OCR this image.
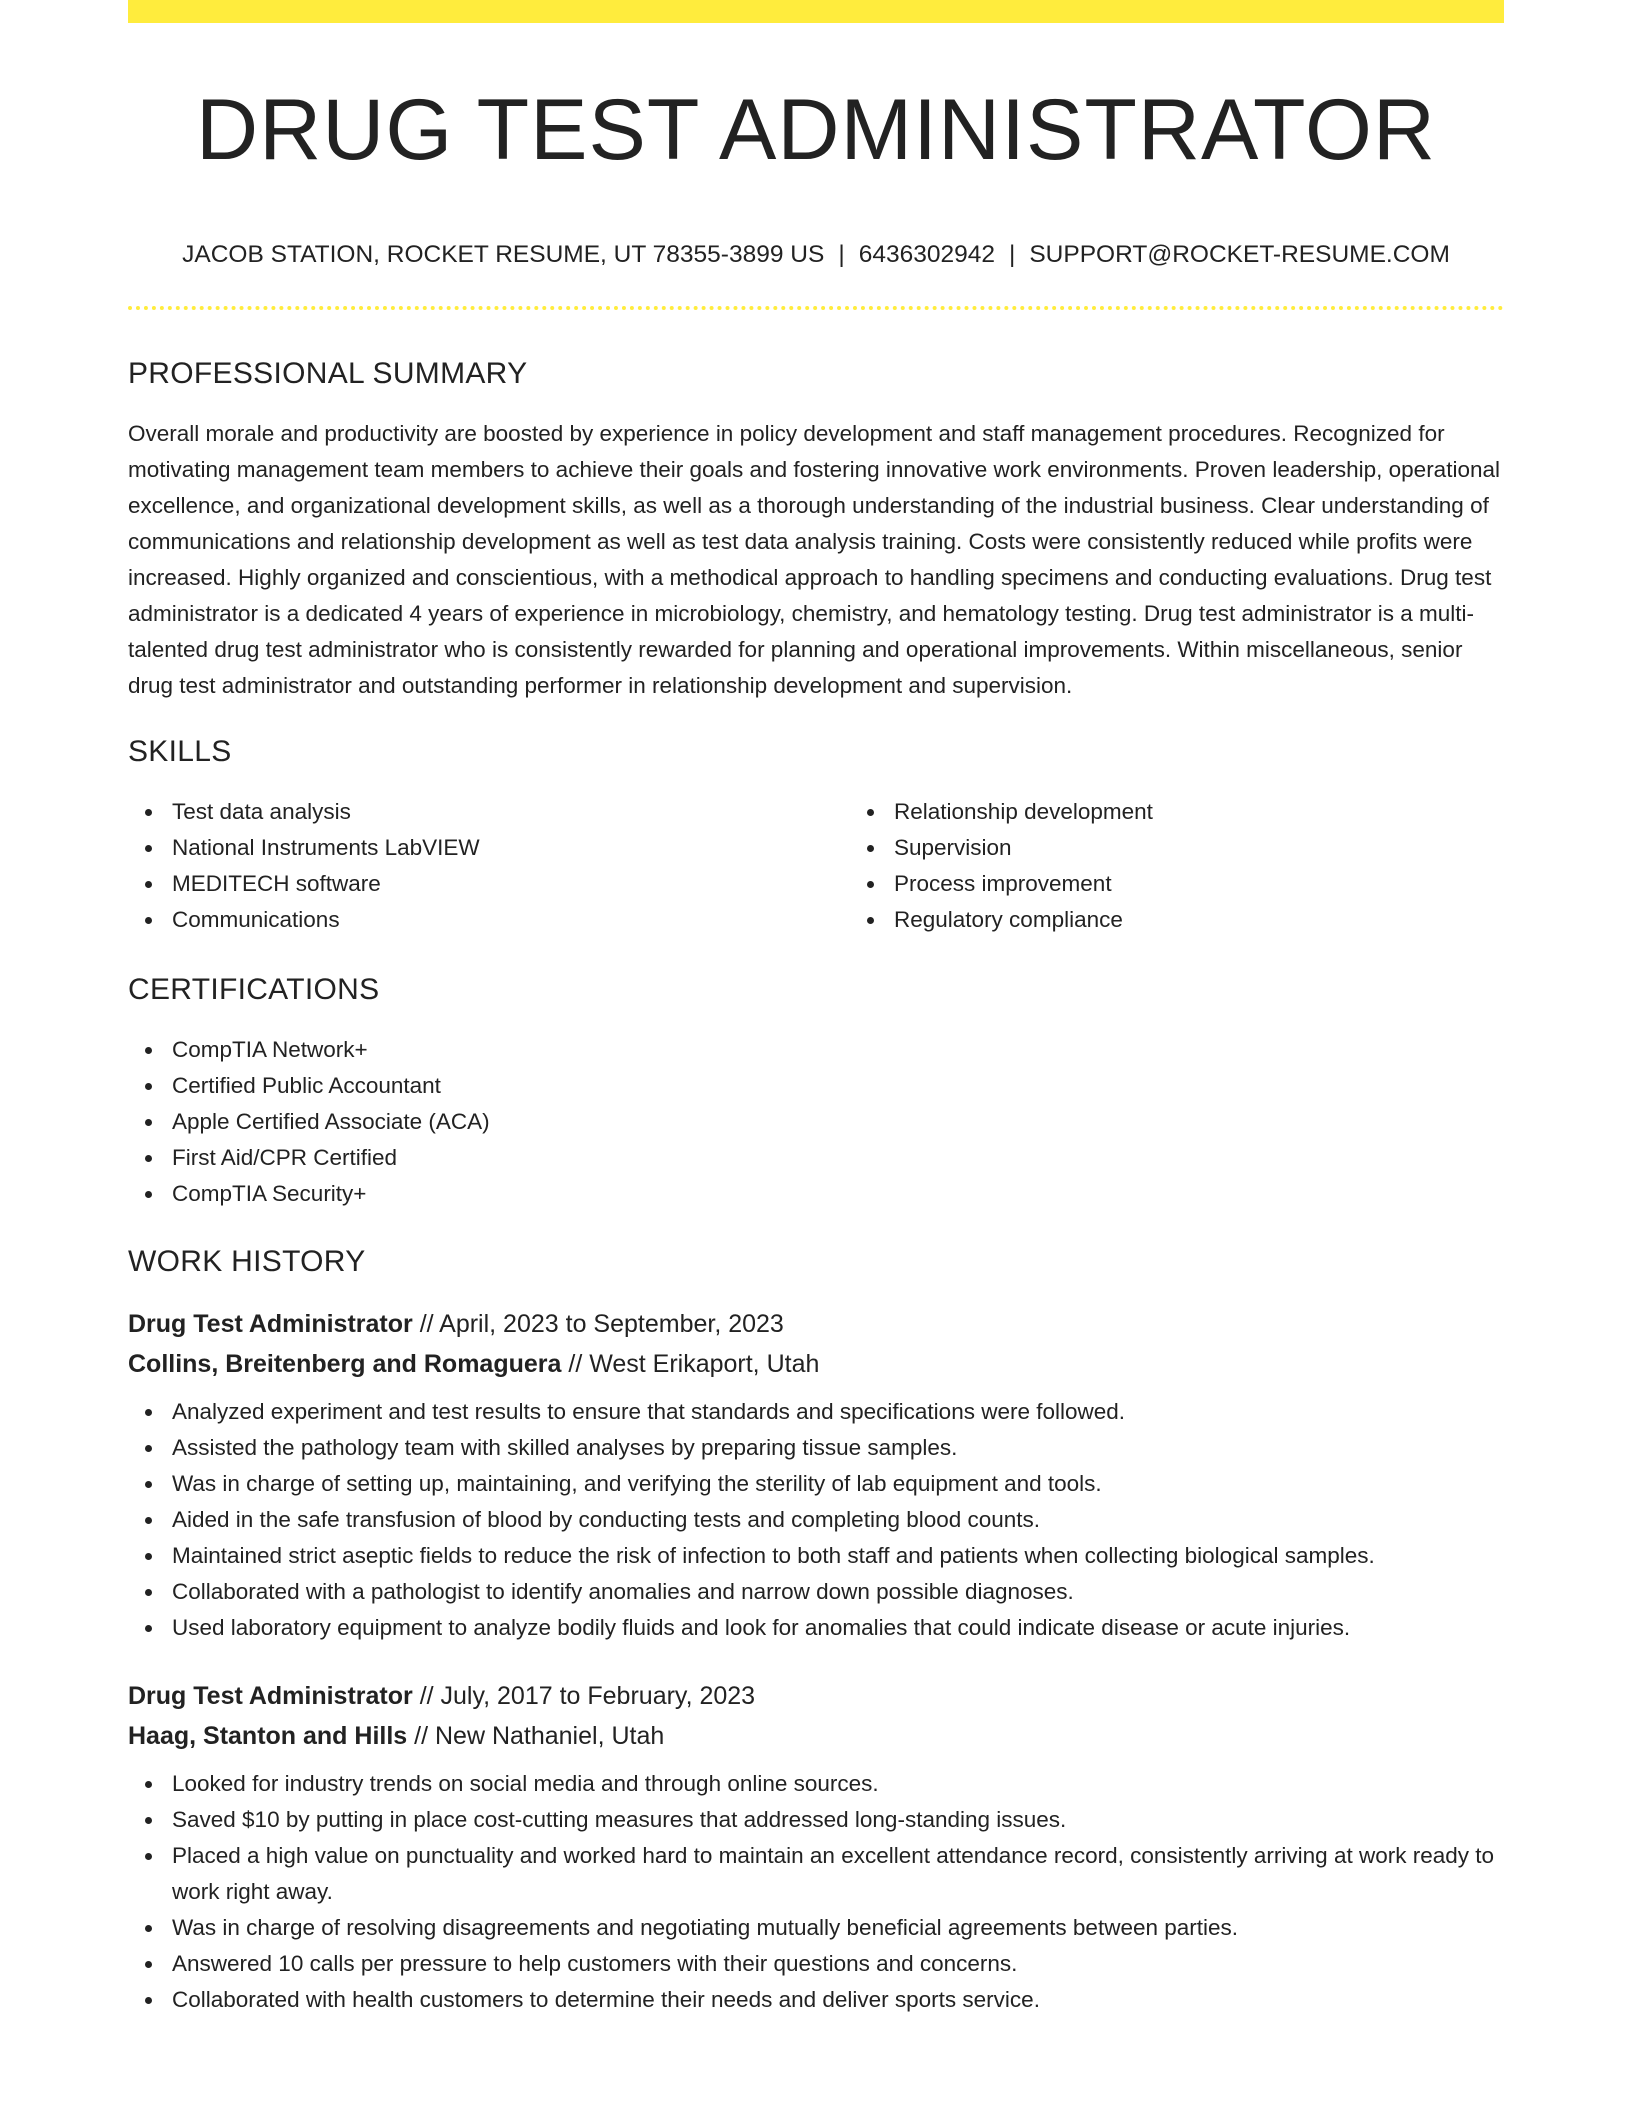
DRUG TEST ADMINISTRATOR
JACOB STATION, ROCKET RESUME, UT 78355-3899 US | 6436302942 | SUPPORT@ROCKET-RESUME.COM
PROFESSIONAL SUMMARY

Overall morale and productivity are boosted by experience in policy development and staff management procedures. Recognized for motivating management team members to achieve their goals and fostering innovative work environments. Proven leadership, operational excellence, and organizational development skills, as well as a thorough understanding of the industrial business. Clear understanding of communications and relationship development as well as test data analysis training. Costs were consistently reduced while profits were increased. Highly organized and conscientious, with a methodical approach to handling specimens and conducting evaluations. Drug test administrator is a dedicated 4 years of experience in microbiology, chemistry, and hematology testing. Drug test administrator is a multi-talented drug test administrator who is consistently rewarded for planning and operational improvements. Within miscellaneous, senior drug test administrator and outstanding performer in relationship development and supervision.

SKILLS
Test data analysis
National Instruments LabVIEW
MEDITECH software
Communications
Relationship development
Supervision
Process improvement
Regulatory compliance
CERTIFICATIONS
CompTIA Network+
Certified Public Accountant
Apple Certified Associate (ACA)
First Aid/CPR Certified
CompTIA Security+
WORK HISTORY
Drug Test Administrator // April, 2023 to September, 2023
Collins, Breitenberg and Romaguera // West Erikaport, Utah
Analyzed experiment and test results to ensure that standards and specifications were followed.
Assisted the pathology team with skilled analyses by preparing tissue samples.
Was in charge of setting up, maintaining, and verifying the sterility of lab equipment and tools.
Aided in the safe transfusion of blood by conducting tests and completing blood counts.
Maintained strict aseptic fields to reduce the risk of infection to both staff and patients when collecting biological samples.
Collaborated with a pathologist to identify anomalies and narrow down possible diagnoses.
Used laboratory equipment to analyze bodily fluids and look for anomalies that could indicate disease or acute injuries.
Drug Test Administrator // July, 2017 to February, 2023
Haag, Stanton and Hills // New Nathaniel, Utah
Looked for industry trends on social media and through online sources.
Saved $10 by putting in place cost-cutting measures that addressed long-standing issues.
Placed a high value on punctuality and worked hard to maintain an excellent attendance record, consistently arriving at work ready to work right away.
Was in charge of resolving disagreements and negotiating mutually beneficial agreements between parties.
Answered 10 calls per pressure to help customers with their questions and concerns.
Collaborated with health customers to determine their needs and deliver sports service.
